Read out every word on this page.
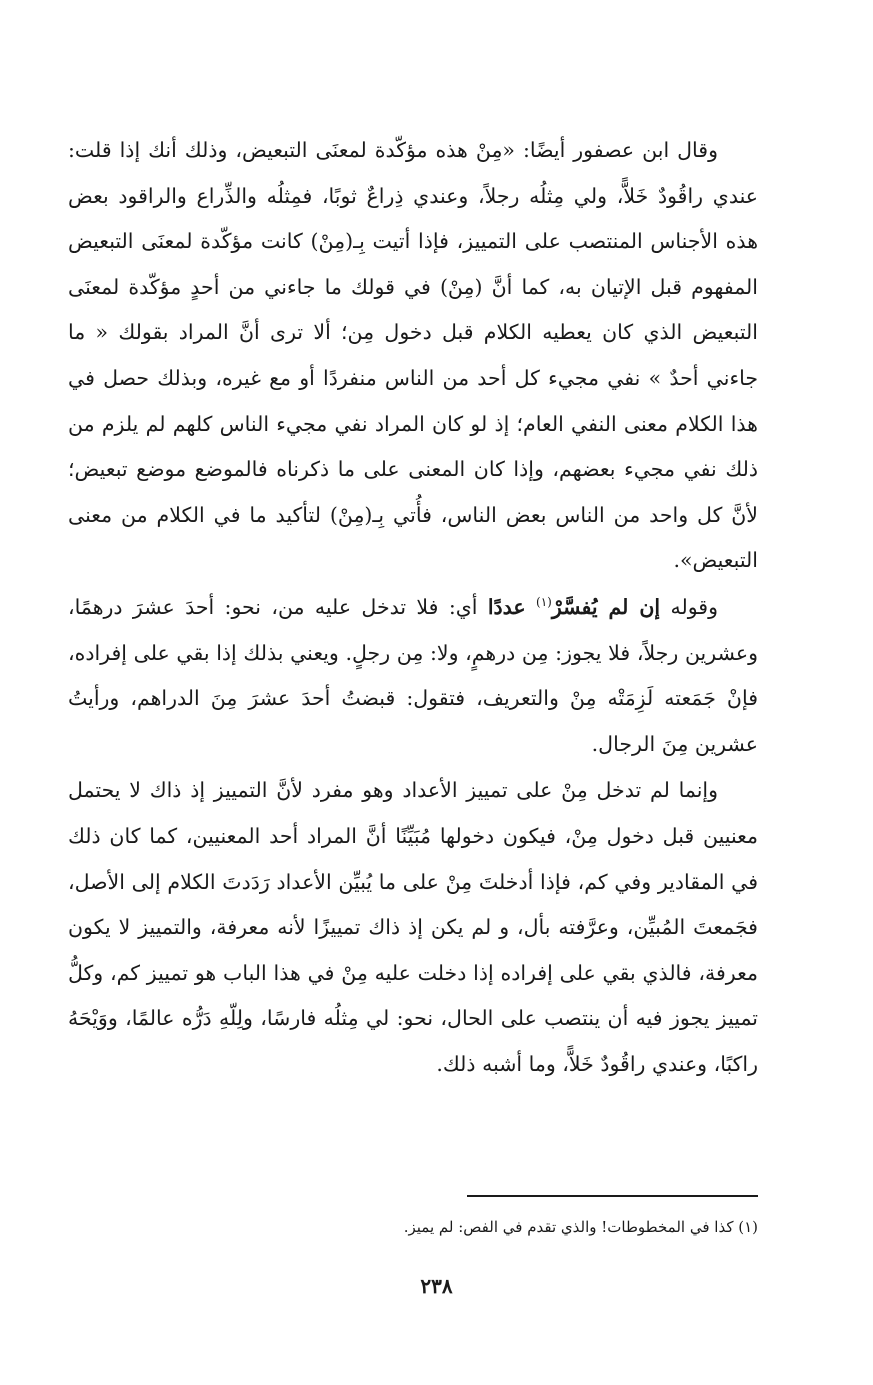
وقال ابن عصفور أيضًا: «مِنْ هذه مؤكّدة لمعنَى التبعيض، وذلك أنك إذا قلت: عندي راقُودٌ خَلاًّ، ولي مِثلُه رجلاً، وعندي ذِراعٌ ثوبًا، فمِثلُه والذِّراع والراقود بعض هذه الأجناس المنتصب على التمييز، فإذا أتيت بِـ(مِنْ) كانت مؤكّدة لمعنَى التبعيض المفهوم قبل الإتيان به، كما أنَّ (مِنْ) في قولك ما جاءني من أحدٍ مؤكّدة لمعنَى التبعيض الذي كان يعطيه الكلام قبل دخول مِن؛ ألا ترى أنَّ المراد بقولك « ما جاءني أحدٌ » نفي مجيء كل أحد من الناس منفردًا أو مع غيره، وبذلك حصل في هذا الكلام معنى النفي العام؛ إذ لو كان المراد نفي مجيء الناس كلهم لم يلزم من ذلك نفي مجيء بعضهم، وإذا كان المعنى على ما ذكرناه فالموضع موضع تبعيض؛ لأنَّ كل واحد من الناس بعض الناس، فأُتي بِـ(مِنْ) لتأكيد ما في الكلام من معنى التبعيض».

وقوله إن لم يُفسَّرْ$^{(١)}$ عددًا أي: فلا تدخل عليه من، نحو: أحدَ عشرَ درهمًا، وعشرين رجلاً، فلا يجوز: مِن درهمٍ، ولا: مِن رجلٍ. ويعني بذلك إذا بقي على إفراده، فإنْ جَمَعته لَزِمَتْه مِنْ والتعريف، فتقول: قبضتُ أحدَ عشرَ مِنَ الدراهم، ورأيتُ عشرين مِنَ الرجال.

وإنما لم تدخل مِنْ على تمييز الأعداد وهو مفرد لأنَّ التمييز إذ ذاك لا يحتمل معنيين قبل دخول مِنْ، فيكون دخولها مُبَيِّنًا أنَّ المراد أحد المعنيين، كما كان ذلك في المقادير وفي كم، فإذا أدخلتَ مِنْ على ما يُبيِّن الأعداد رَدَدتَ الكلام إلى الأصل، فجَمعتَ المُبيِّن، وعرَّفته بأل، و لم يكن إذ ذاك تمييزًا لأنه معرفة، والتمييز لا يكون معرفة، فالذي بقي على إفراده إذا دخلت عليه مِنْ في هذا الباب هو تمييز كم، وكلُّ تمييز يجوز فيه أن ينتصب على الحال، نحو: لي مِثلُه فارسًا، ولِلّهِ دَرُّه عالمًا، ووَيْحَهُ راكبًا، وعندي راقُودٌ خَلاًّ، وما أشبه ذلك.

(١) كذا في المخطوطات! والذي تقدم في الفص: لم يميز.

٢٣٨
